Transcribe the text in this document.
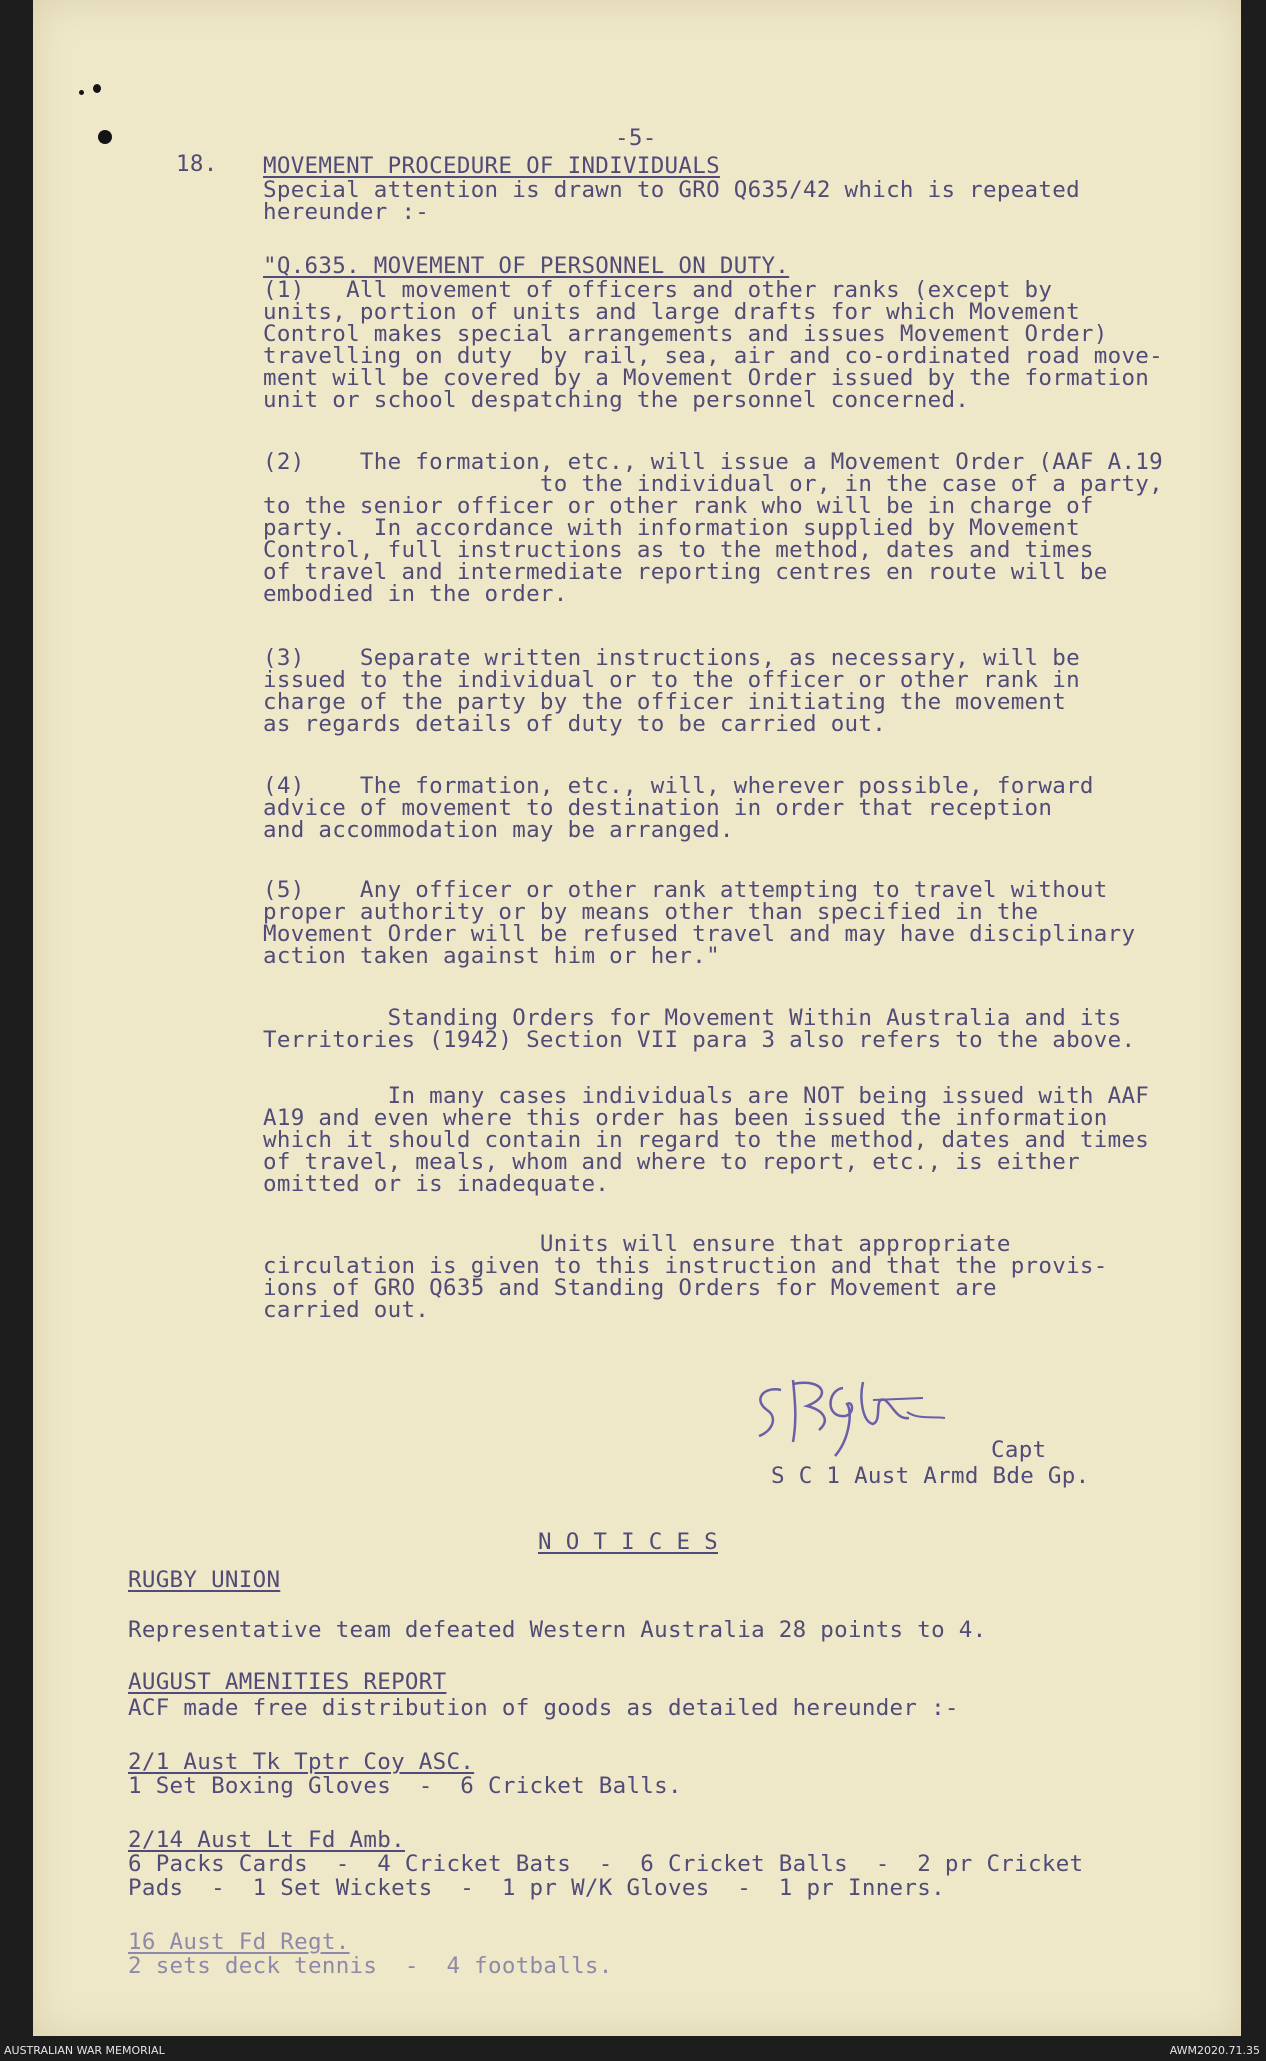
-5-
18. MOVEMENT PROCEDURE OF INDIVIDUALS
Special attention is drawn to GRO Q635/42 which is repeated
hereunder :-
"Q.635. MOVEMENT OF PERSONNEL ON DUTY.
(1)   All movement of officers and other ranks (except by
units, portion of units and large drafts for which Movement
Control makes special arrangements and issues Movement Order)
travelling on duty  by rail, sea, air and co-ordinated road move-
ment will be covered by a Movement Order issued by the formation
unit or school despatching the personnel concerned.
(2)    The formation, etc., will issue a Movement Order (AAF A.19
to the individual or, in the case of a party,
to the senior officer or other rank who will be in charge of
party.  In accordance with information supplied by Movement
Control, full instructions as to the method, dates and times
of travel and intermediate reporting centres en route will be
embodied in the order.
(3)    Separate written instructions, as necessary, will be
issued to the individual or to the officer or other rank in
charge of the party by the officer initiating the movement
as regards details of duty to be carried out.
(4)    The formation, etc., will, wherever possible, forward
advice of movement to destination in order that reception
and accommodation may be arranged.
(5)    Any officer or other rank attempting to travel without
proper authority or by means other than specified in the
Movement Order will be refused travel and may have disciplinary
action taken against him or her."
Standing Orders for Movement Within Australia and its
Territories (1942) Section VII para 3 also refers to the above.
In many cases individuals are NOT being issued with AAF
A19 and even where this order has been issued the information
which it should contain in regard to the method, dates and times
of travel, meals, whom and where to report, etc., is either
omitted or is inadequate.
Units will ensure that appropriate
circulation is given to this instruction and that the provis-
ions of GRO Q635 and Standing Orders for Movement are
carried out.
Capt
S C 1 Aust Armd Bde Gp.
N O T I C E S
RUGBY UNION
Representative team defeated Western Australia 28 points to 4.
AUGUST AMENITIES REPORT
ACF made free distribution of goods as detailed hereunder :-
2/1 Aust Tk Tptr Coy ASC.
1 Set Boxing Gloves  -  6 Cricket Balls.
2/14 Aust Lt Fd Amb.
6 Packs Cards  -  4 Cricket Bats  -  6 Cricket Balls  -  2 pr Cricket
Pads  -  1 Set Wickets  -  1 pr W/K Gloves  -  1 pr Inners.
16 Aust Fd Regt.
2 sets deck tennis  -  4 footballs.
AUSTRALIAN WAR MEMORIAL	AWM2020.71.35
